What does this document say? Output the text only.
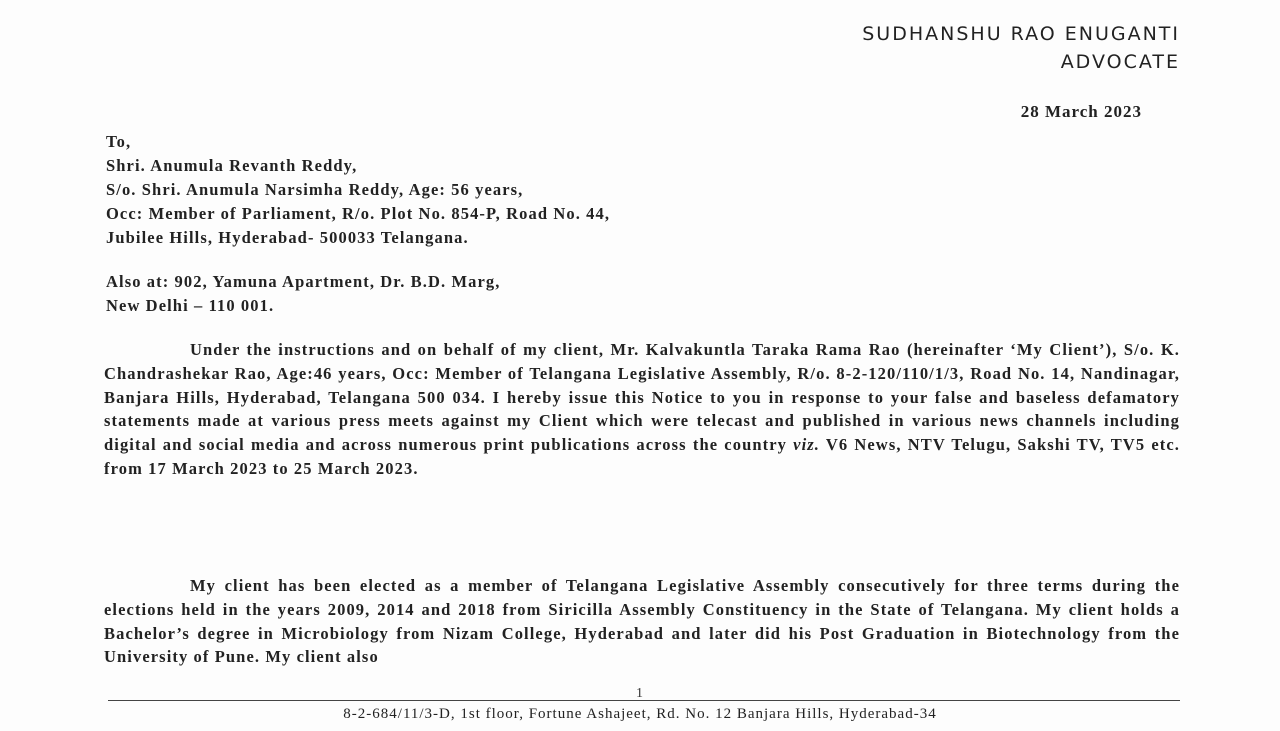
SUDHANSHU RAO ENUGANTI
ADVOCATE
28 March 2023
To,
Shri. Anumula Revanth Reddy,
S/o. Shri. Anumula Narsimha Reddy, Age: 56 years,
Occ: Member of Parliament, R/o. Plot No. 854-P, Road No. 44,
Jubilee Hills, Hyderabad- 500033 Telangana.
Also at: 902, Yamuna Apartment, Dr. B.D. Marg,
New Delhi – 110 001.
Under the instructions and on behalf of my client, Mr. Kalvakuntla Taraka Rama Rao (hereinafter ‘My Client’), S/o. K. Chandrashekar Rao, Age:46 years, Occ: Member of Telangana Legislative Assembly, R/o. 8-2-120/110/1/3, Road No. 14, Nandinagar, Banjara Hills, Hyderabad, Telangana 500 034. I hereby issue this Notice to you in response to your false and baseless defamatory statements made at various press meets against my Client which were telecast and published in various news channels including digital and social media and across numerous print publications across the country viz. V6 News, NTV Telugu, Sakshi TV, TV5 etc. from 17 March 2023 to 25 March 2023.
My client has been elected as a member of Telangana Legislative Assembly consecutively for three terms during the elections held in the years 2009, 2014 and 2018 from Siricilla Assembly Constituency in the State of Telangana. My client holds a Bachelor’s degree in Microbiology from Nizam College, Hyderabad and later did his Post Graduation in Biotechnology from the University of Pune. My client also
1
8-2-684/11/3-D, 1st floor, Fortune Ashajeet, Rd. No. 12 Banjara Hills, Hyderabad-34
